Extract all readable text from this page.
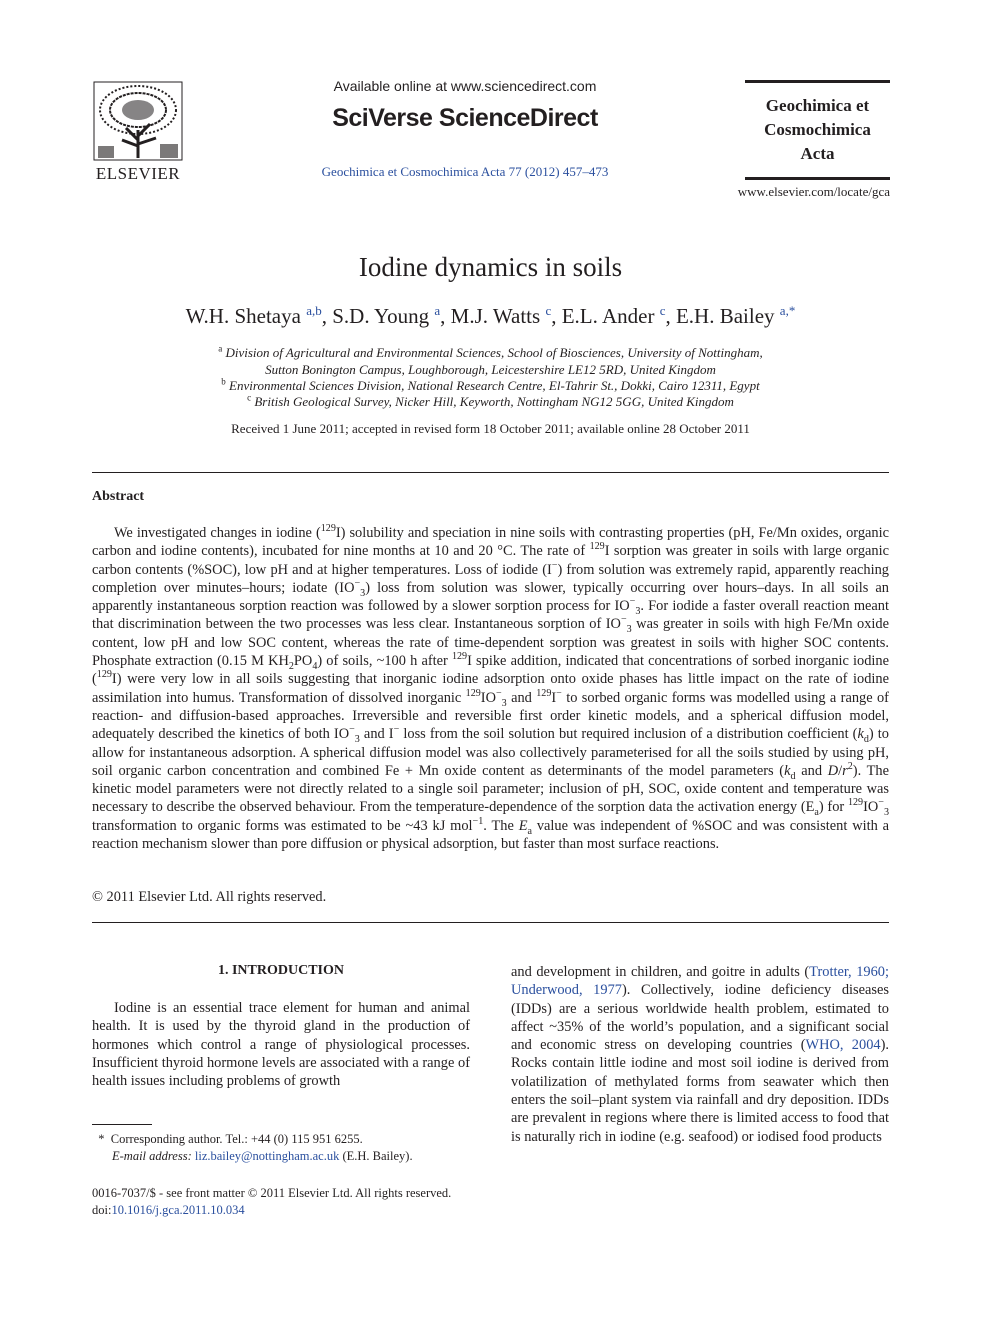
ELSEVIER
Available online at www.sciencedirect.com
SciVerse ScienceDirect
Geochimica et Cosmochimica Acta 77 (2012) 457–473
Geochimica et
Cosmochimica
Acta
www.elsevier.com/locate/gca
Iodine dynamics in soils
W.H. Shetaya $^{a,b}$, S.D. Young $^a$, M.J. Watts $^c$, E.L. Ander $^c$, E.H. Bailey $^{a,*}$
$^a$ Division of Agricultural and Environmental Sciences, School of Biosciences, University of Nottingham,
Sutton Bonington Campus, Loughborough, Leicestershire LE12 5RD, United Kingdom
$^b$ Environmental Sciences Division, National Research Centre, El-Tahrir St., Dokki, Cairo 12311, Egypt
$^c$ British Geological Survey, Nicker Hill, Keyworth, Nottingham NG12 5GG, United Kingdom
Received 1 June 2011; accepted in revised form 18 October 2011; available online 28 October 2011
Abstract
We investigated changes in iodine ($^{129}$I) solubility and speciation in nine soils with contrasting properties (pH, Fe/Mn oxides, organic carbon and iodine contents), incubated for nine months at 10 and 20 °C. The rate of $^{129}$I sorption was greater in soils with large organic carbon contents (%SOC), low pH and at higher temperatures. Loss of iodide (I−) from solution was extremely rapid, apparently reaching completion over minutes–hours; iodate $(IO^-_3)$ loss from solution was slower, typically occurring over hours–days. In all soils an apparently instantaneous sorption reaction was followed by a slower sorption process for $IO^-_3$. For iodide a faster overall reaction meant that discrimination between the two processes was less clear. Instantaneous sorption of $IO^-_3$ was greater in soils with high Fe/Mn oxide content, low pH and low SOC content, whereas the rate of time-dependent sorption was greatest in soils with higher SOC contents. Phosphate extraction (0.15 M $KH_2PO_4$) of soils, ~100 h after $^{129}$I spike addition, indicated that concentrations of sorbed inorganic iodine ($^{129}$I) were very low in all soils suggesting that inorganic iodine adsorption onto oxide phases has little impact on the rate of iodine assimilation into humus. Transformation of dissolved inorganic $^{129}IO^-_3$ and $^{129}$I− to sorbed organic forms was modelled using a range of reaction- and diffusion-based approaches. Irreversible and reversible first order kinetic models, and a spherical diffusion model, adequately described the kinetics of both $IO^-_3$ and I− loss from the soil solution but required inclusion of a distribution coefficient $(k_d)$ to allow for instantaneous adsorption. A spherical diffusion model was also collectively parameterised for all the soils studied by using pH, soil organic carbon concentration and combined Fe + Mn oxide content as determinants of the model parameters ($k_d$ and $D/r^2$). The kinetic model parameters were not directly related to a single soil parameter; inclusion of pH, SOC, oxide content and temperature was necessary to describe the observed behaviour. From the temperature-dependence of the sorption data the activation energy $(E_a)$ for $^{129}IO^-_3$ transformation to organic forms was estimated to be ~43 kJ mol$^{-1}$. The $E_a$ value was independent of %SOC and was consistent with a reaction mechanism slower than pore diffusion or physical adsorption, but faster than most surface reactions.
© 2011 Elsevier Ltd. All rights reserved.
1. INTRODUCTION
Iodine is an essential trace element for human and animal health. It is used by the thyroid gland in the production of hormones which control a range of physiological processes. Insufficient thyroid hormone levels are associated with a range of health issues including problems of growth
and development in children, and goitre in adults (Trotter, 1960; Underwood, 1977). Collectively, iodine deficiency diseases (IDDs) are a serious worldwide health problem, estimated to affect ~35% of the world’s population, and a significant social and economic stress on developing countries (WHO, 2004). Rocks contain little iodine and most soil iodine is derived from volatilization of methylated forms from seawater which then enters the soil–plant system via rainfall and dry deposition. IDDs are prevalent in regions where there is limited access to food that is naturally rich in iodine (e.g. seafood) or iodised food products
* Corresponding author. Tel.: +44 (0) 115 951 6255.
E-mail address: liz.bailey@nottingham.ac.uk (E.H. Bailey).
0016-7037/$ - see front matter © 2011 Elsevier Ltd. All rights reserved.
doi:10.1016/j.gca.2011.10.034
